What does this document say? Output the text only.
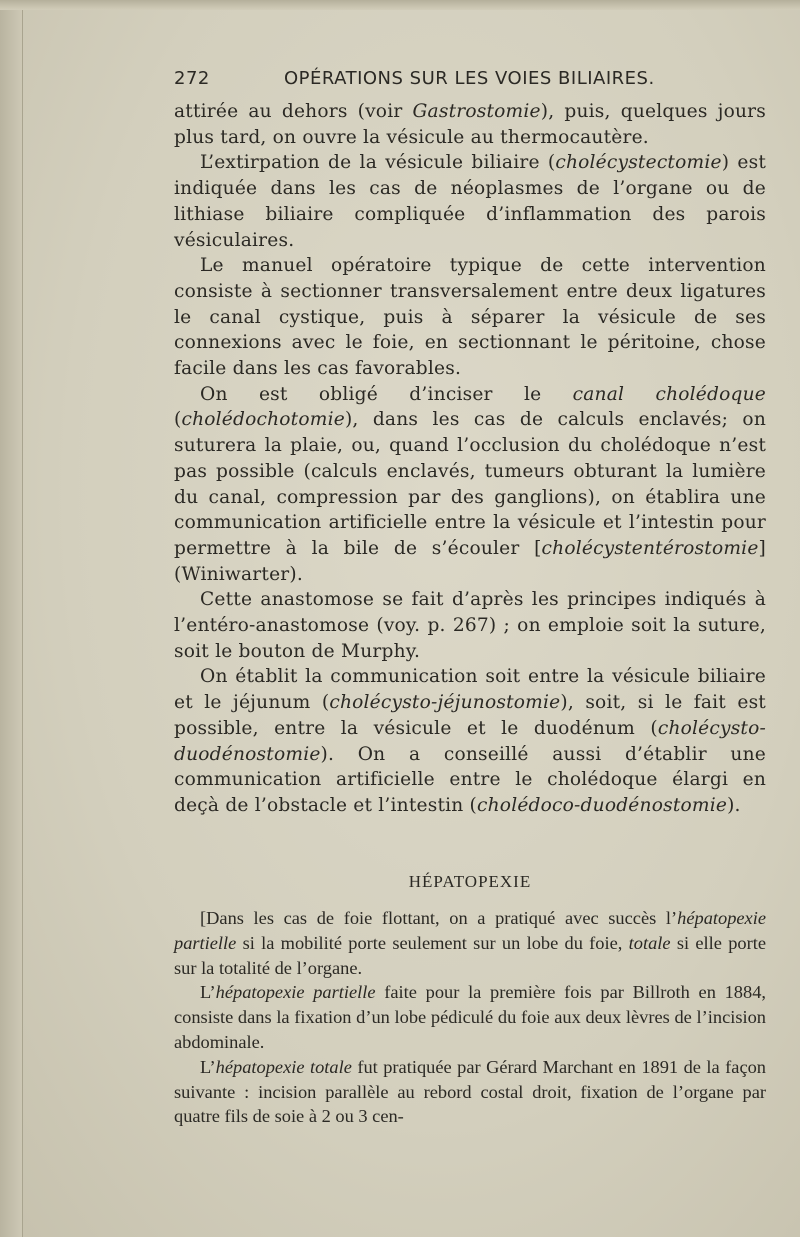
272	OPÉRATIONS SUR LES VOIES BILIAIRES.

attirée au dehors (voir Gastrostomie), puis, quelques jours plus tard, on ouvre la vésicule au thermocautère.

L’extirpation de la vésicule biliaire (cholécystectomie) est indiquée dans les cas de néoplasmes de l’organe ou de lithiase biliaire compliquée d’inflammation des parois vésiculaires.

Le manuel opératoire typique de cette intervention consiste à sectionner transversalement entre deux ligatures le canal cystique, puis à séparer la vésicule de ses connexions avec le foie, en sectionnant le péritoine, chose facile dans les cas favorables.

On est obligé d’inciser le canal cholédoque (cholédochotomie), dans les cas de calculs enclavés; on suturera la plaie, ou, quand l’occlusion du cholédoque n’est pas possible (calculs enclavés, tumeurs obturant la lumière du canal, compression par des ganglions), on établira une communication artificielle entre la vésicule et l’intestin pour permettre à la bile de s’écouler [cholécystentérostomie] (Winiwarter).

Cette anastomose se fait d’après les principes indiqués à l’entéro-anastomose (voy. p. 267) ; on emploie soit la suture, soit le bouton de Murphy.

On établit la communication soit entre la vésicule biliaire et le jéjunum (cholécysto-jéjunostomie), soit, si le fait est possible, entre la vésicule et le duodénum (cholécysto-duodénostomie). On a conseillé aussi d’établir une communication artificielle entre le cholédoque élargi en deçà de l’obstacle et l’intestin (cholédoco-duodénostomie).

HÉPATOPEXIE

[Dans les cas de foie flottant, on a pratiqué avec succès l’hépatopexie partielle si la mobilité porte seulement sur un lobe du foie, totale si elle porte sur la totalité de l’organe.

L’hépatopexie partielle faite pour la première fois par Billroth en 1884, consiste dans la fixation d’un lobe pédiculé du foie aux deux lèvres de l’incision abdominale.

L’hépatopexie totale fut pratiquée par Gérard Marchant en 1891 de la façon suivante : incision parallèle au rebord costal droit, fixation de l’organe par quatre fils de soie à 2 ou 3 cen-
